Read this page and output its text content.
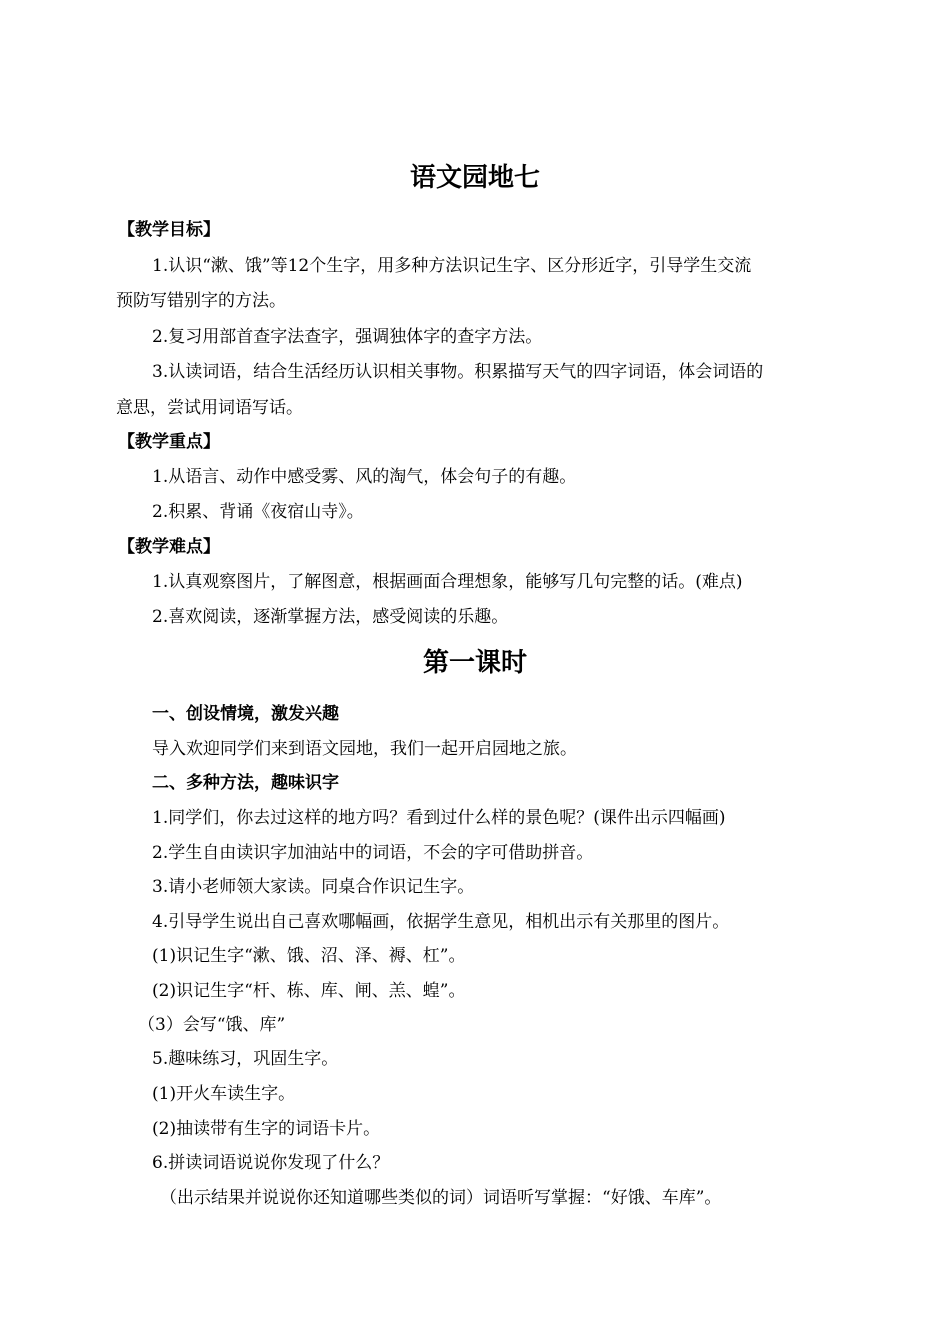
语文园地七
【教学目标】
1.认识“漱、饿”等12个生字，用多种方法识记生字、区分形近字，引导学生交流
预防写错别字的方法。
2.复习用部首查字法查字，强调独体字的查字方法。
3.认读词语，结合生活经历认识相关事物。积累描写天气的四字词语，体会词语的
意思，尝试用词语写话。
【教学重点】
1.从语言、动作中感受雾、风的淘气，体会句子的有趣。
2.积累、背诵《夜宿山寺》。
【教学难点】
1.认真观察图片，了解图意，根据画面合理想象，能够写几句完整的话。(难点)
2.喜欢阅读，逐渐掌握方法，感受阅读的乐趣。
第一课时
一、创设情境，激发兴趣
导入欢迎同学们来到语文园地，我们一起开启园地之旅。
二、多种方法，趣味识字
1.同学们，你去过这样的地方吗？看到过什么样的景色呢？(课件出示四幅画)
2.学生自由读识字加油站中的词语，不会的字可借助拼音。
3.请小老师领大家读。同桌合作识记生字。
4.引导学生说出自己喜欢哪幅画，依据学生意见，相机出示有关那里的图片。
(1)识记生字“漱、饿、沼、泽、褥、杠”。
(2)识记生字“杆、栋、库、闸、羔、蝗”。
（3）会写“饿、库”
5.趣味练习，巩固生字。
(1)开火车读生字。
(2)抽读带有生字的词语卡片。
6.拼读词语说说你发现了什么？
（出示结果并说说你还知道哪些类似的词）词语听写掌握：“好饿、车库”。
